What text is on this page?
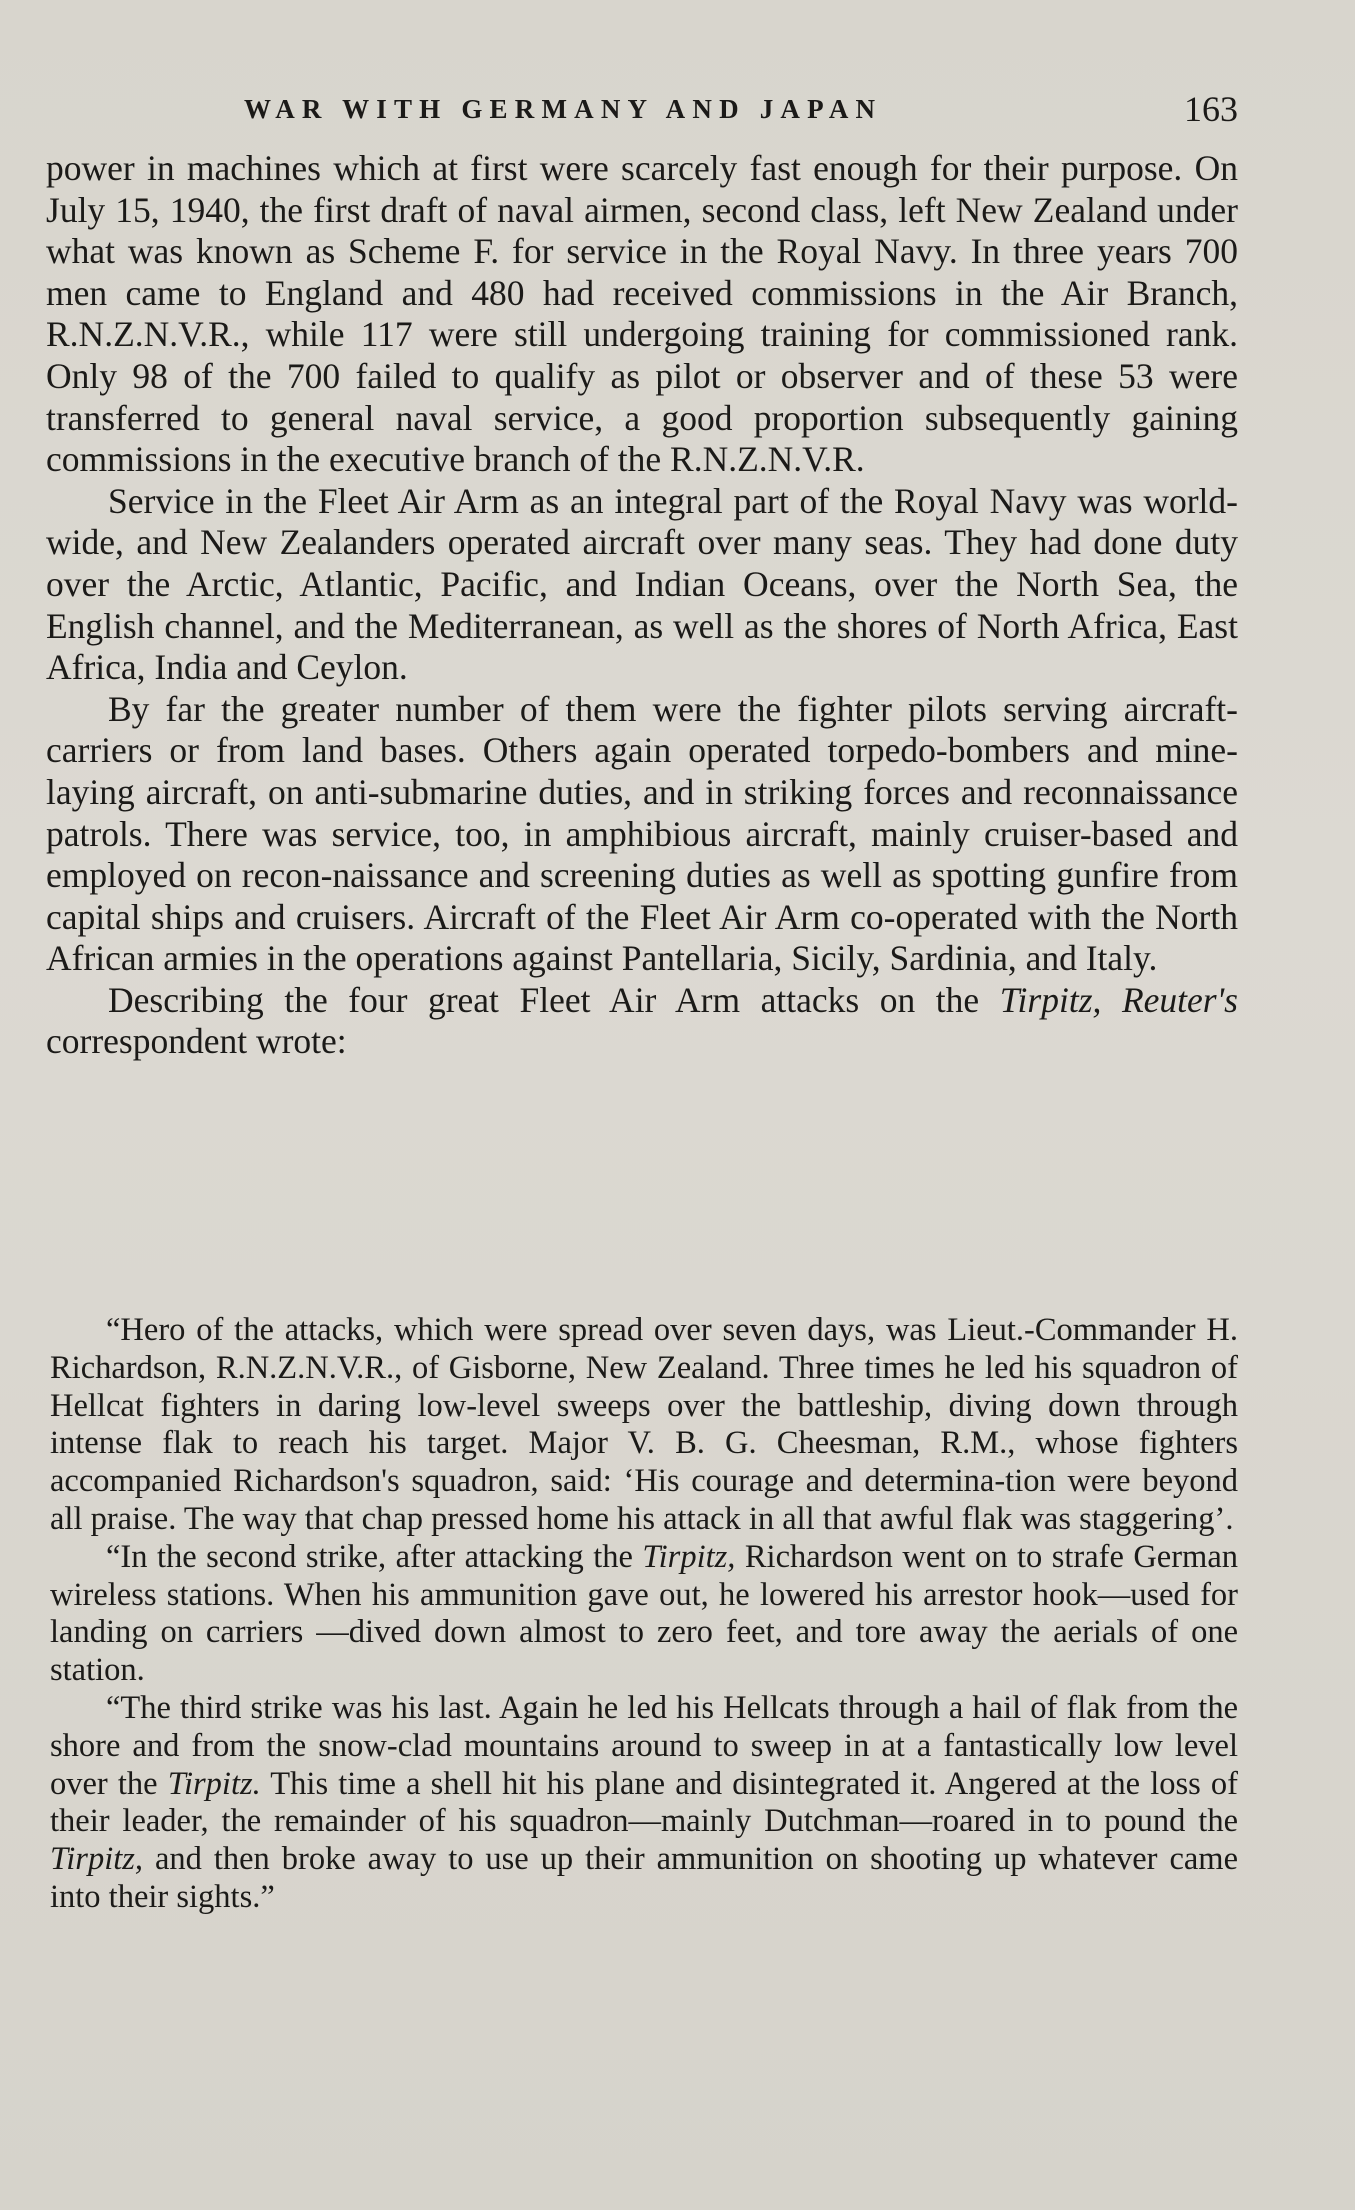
WAR WITH GERMANY AND JAPAN	163

power in machines which at first were scarcely fast enough for their purpose. On July 15, 1940, the first draft of naval airmen, second class, left New Zealand under what was known as Scheme F. for service in the Royal Navy. In three years 700 men came to England and 480 had received commissions in the Air Branch, R.N.Z.N.V.R., while 117 were still undergoing training for commissioned rank. Only 98 of the 700 failed to qualify as pilot or observer and of these 53 were transferred to general naval service, a good proportion subsequently gaining commissions in the executive branch of the R.N.Z.N.V.R.

Service in the Fleet Air Arm as an integral part of the Royal Navy was world-wide, and New Zealanders operated aircraft over many seas. They had done duty over the Arctic, Atlantic, Pacific, and Indian Oceans, over the North Sea, the English channel, and the Mediterranean, as well as the shores of North Africa, East Africa, India and Ceylon.

By far the greater number of them were the fighter pilots serving aircraft-carriers or from land bases. Others again operated torpedo-bombers and mine-laying aircraft, on anti-submarine duties, and in striking forces and reconnaissance patrols. There was service, too, in amphibious aircraft, mainly cruiser-based and employed on recon-naissance and screening duties as well as spotting gunfire from capital ships and cruisers. Aircraft of the Fleet Air Arm co-operated with the North African armies in the operations against Pantellaria, Sicily, Sardinia, and Italy.

Describing the four great Fleet Air Arm attacks on the Tirpitz, Reuter's correspondent wrote:

“Hero of the attacks, which were spread over seven days, was Lieut.-Commander H. Richardson, R.N.Z.N.V.R., of Gisborne, New Zealand. Three times he led his squadron of Hellcat fighters in daring low-level sweeps over the battleship, diving down through intense flak to reach his target. Major V. B. G. Cheesman, R.M., whose fighters accompanied Richardson's squadron, said: ‘His courage and determina-tion were beyond all praise. The way that chap pressed home his attack in all that awful flak was staggering’.

“In the second strike, after attacking the Tirpitz, Richardson went on to strafe German wireless stations. When his ammunition gave out, he lowered his arrestor hook—used for landing on carriers —dived down almost to zero feet, and tore away the aerials of one station.

“The third strike was his last. Again he led his Hellcats through a hail of flak from the shore and from the snow-clad mountains around to sweep in at a fantastically low level over the Tirpitz. This time a shell hit his plane and disintegrated it. Angered at the loss of their leader, the remainder of his squadron—mainly Dutchman—roared in to pound the Tirpitz, and then broke away to use up their ammunition on shooting up whatever came into their sights.”
